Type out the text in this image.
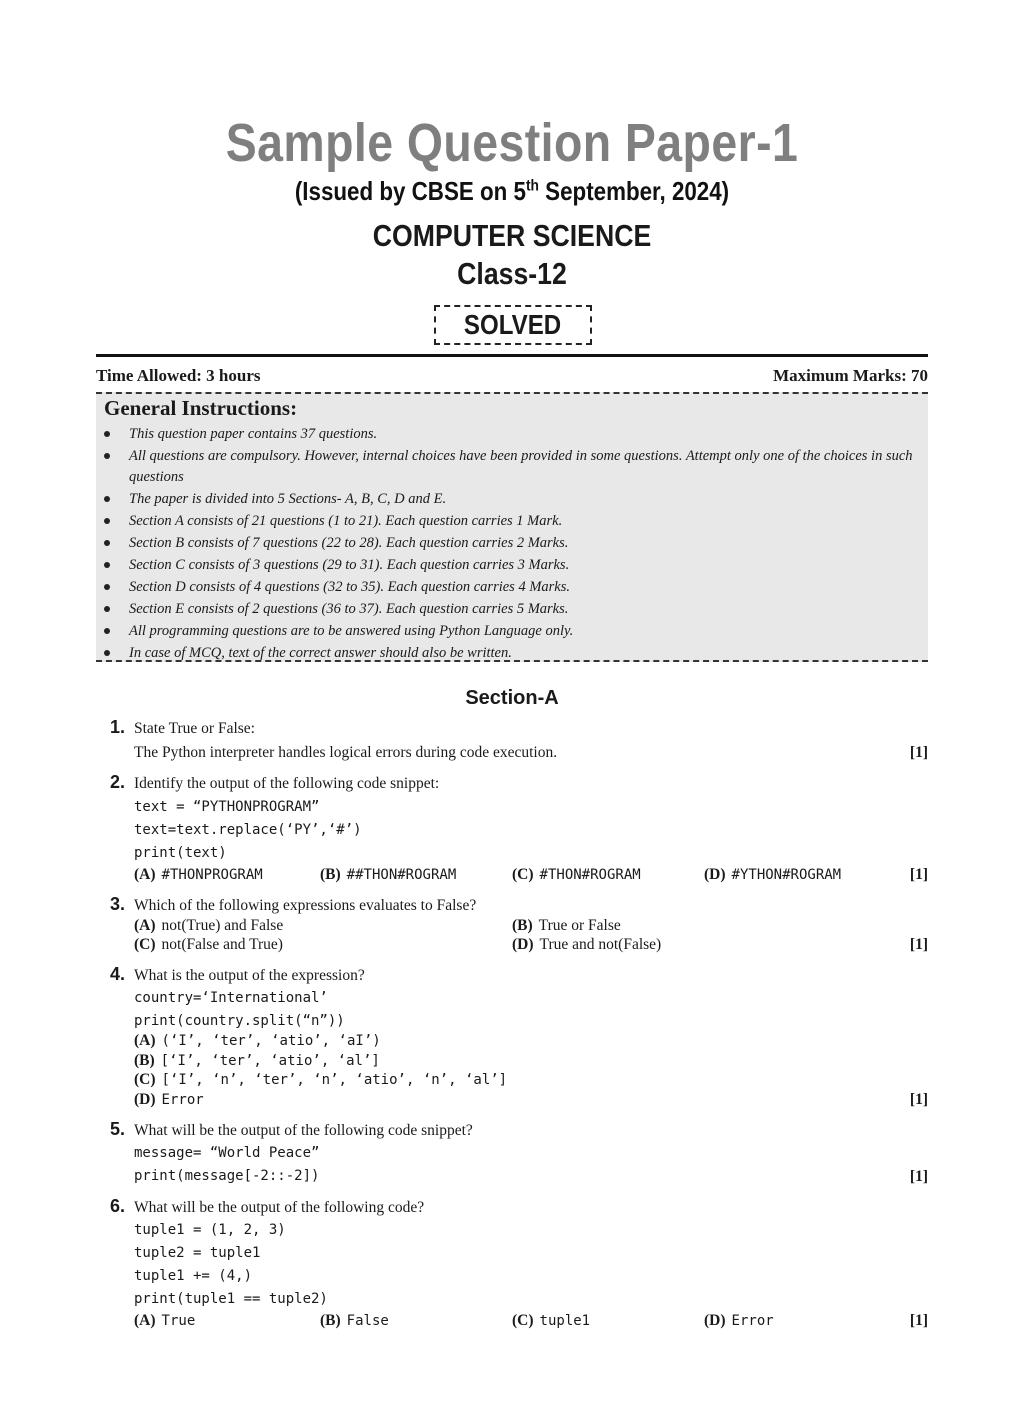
Sample Question Paper-1
(Issued by CBSE on 5th September, 2024)
COMPUTER SCIENCE
Class-12
SOLVED
Time Allowed: 3 hours	Maximum Marks: 70
General Instructions:
This question paper contains 37 questions.
All questions are compulsory. However, internal choices have been provided in some questions. Attempt only one of the choices in such questions
The paper is divided into 5 Sections- A, B, C, D and E.
Section A consists of 21 questions (1 to 21). Each question carries 1 Mark.
Section B consists of 7 questions (22 to 28). Each question carries 2 Marks.
Section C consists of 3 questions (29 to 31). Each question carries 3 Marks.
Section D consists of 4 questions (32 to 35). Each question carries 4 Marks.
Section E consists of 2 questions (36 to 37). Each question carries 5 Marks.
All programming questions are to be answered using Python Language only.
In case of MCQ, text of the correct answer should also be written.
Section-A
1. State True or False:
The Python interpreter handles logical errors during code execution.	[1]
2. Identify the output of the following code snippet:
text = “PYTHONPROGRAM”
text=text.replace(‘PY’,‘#’)
print(text)
(A) #THONPROGRAM	(B) ##THON#ROGRAM	(C) #THON#ROGRAM	(D) #YTHON#ROGRAM	[1]
3. Which of the following expressions evaluates to False?
(A) not(True) and False	(B) True or False
(C) not(False and True)	(D) True and not(False)	[1]
4. What is the output of the expression?
country=‘International’
print(country.split(“n”))
(A) (‘I’, ‘ter’, ‘atio’, ‘aI’)
(B) [‘I’, ‘ter’, ‘atio’, ‘al’]
(C) [‘I’, ‘n’, ‘ter’, ‘n’, ‘atio’, ‘n’, ‘al’]
(D) Error	[1]
5. What will be the output of the following code snippet?
message= “World Peace”
print(message[-2::-2])	[1]
6. What will be the output of the following code?
tuple1 = (1, 2, 3)
tuple2 = tuple1
tuple1 += (4,)
print(tuple1 == tuple2)
(A) True	(B) False	(C) tuple1	(D) Error	[1]
